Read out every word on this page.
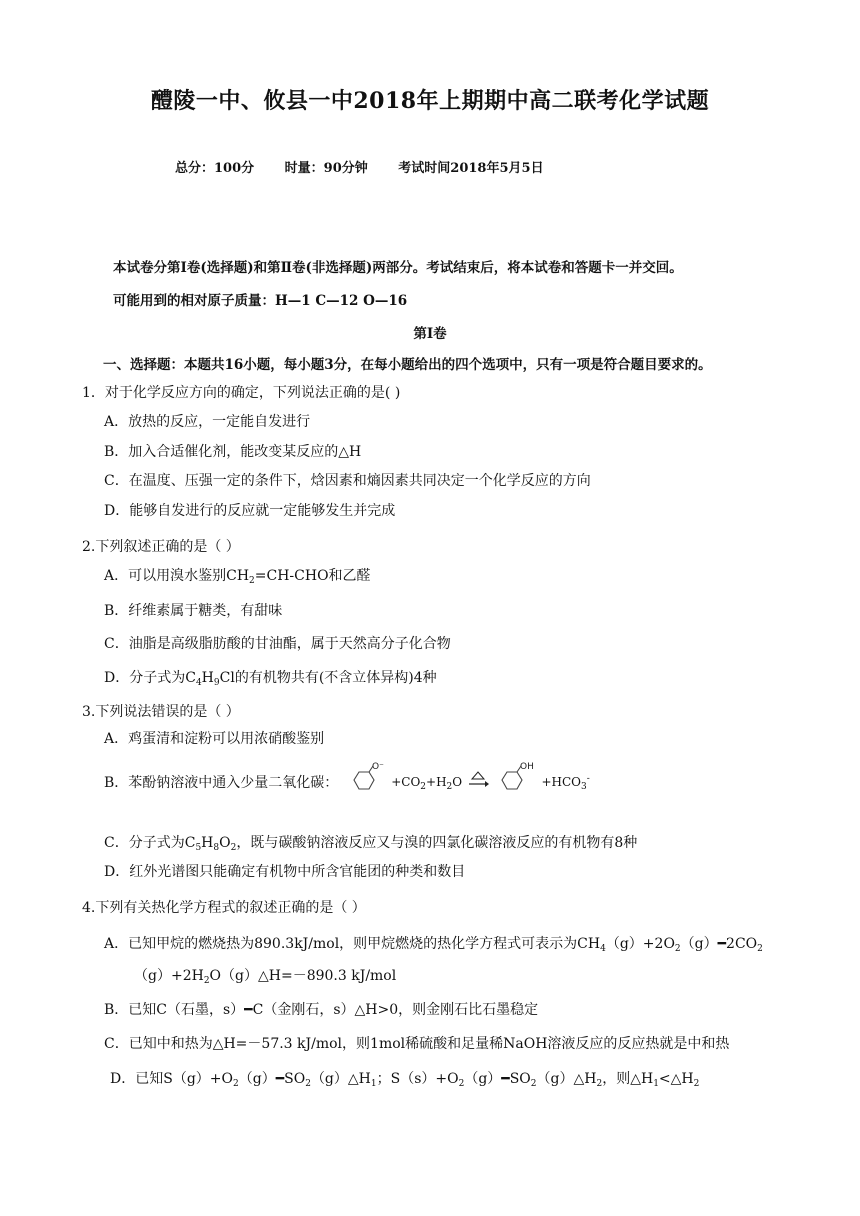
醴陵一中、攸县一中2018年上期期中高二联考化学试题
总分：100分 时量：90分钟 考试时间2018年5月5日
本试卷分第Ⅰ卷(选择题)和第Ⅱ卷(非选择题)两部分。考试结束后，将本试卷和答题卡一并交回。
可能用到的相对原子质量：H—1 C—12 O—16
第Ⅰ卷
一、选择题：本题共16小题，每小题3分，在每小题给出的四个选项中，只有一项是符合题目要求的。
1．对于化学反应方向的确定，下列说法正确的是( )
A．放热的反应，一定能自发进行
B．加入合适催化剂，能改变某反应的△H
C．在温度、压强一定的条件下，焓因素和熵因素共同决定一个化学反应的方向
D．能够自发进行的反应就一定能够发生并完成
2.下列叙述正确的是（ ）
A．可以用溴水鉴别$CH_2=CH$-CHO和乙醛
B．纤维素属于糖类，有甜味
C．油脂是高级脂肪酸的甘油酯，属于天然高分子化合物
D．分子式为$C_4H_9Cl$的有机物共有(不含立体异构)4种
3.下列说法错误的是（ ）
A．鸡蛋清和淀粉可以用浓硝酸鉴别
B．苯酚钠溶液中通入少量二氧化碳：
O⁻
$+CO_2+H_2O$ ⇌
OH
$+HCO_3^-$
C．分子式为$C_5H_8O_2$，既与碳酸钠溶液反应又与溴的四氯化碳溶液反应的有机物有8种
D．红外光谱图只能确定有机物中所含官能团的种类和数目
4.下列有关热化学方程式的叙述正确的是（ ）
A．已知甲烷的燃烧热为890.3kJ/mol，则甲烷燃烧的热化学方程式可表示为$CH_4(g)+2O_2(g)━2CO_2$
$(g)+2H_2O(g)\triangle H=-890.3$ kJ/mol
B．已知C（石墨，s）━C（金刚石，s）△H>0，则金刚石比石墨稳定
C．已知中和热为△H=－57.3 kJ/mol，则1mol稀硫酸和足量稀NaOH溶液反应的反应热就是中和热
D．已知$S(g)+O_2(g)━SO_2(g)\triangle H_1$；$S(s)+O_2(g)━SO_2(g)\triangle H_2$，则$\triangle H_1<\triangle H_2$
